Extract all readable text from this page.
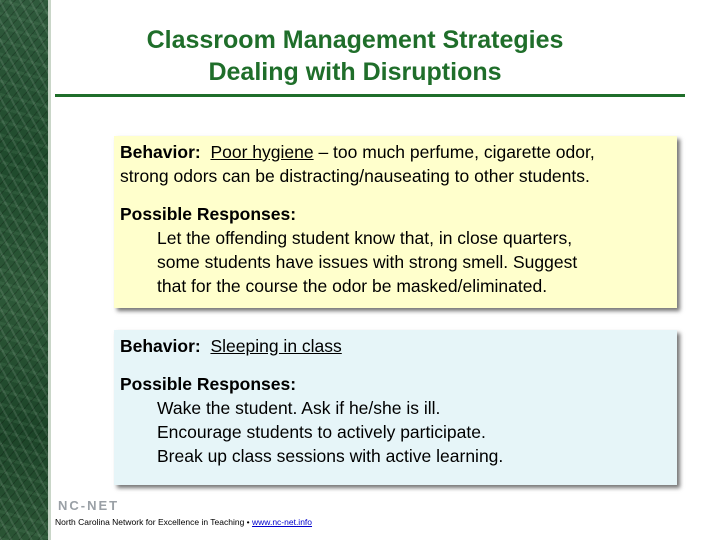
Classroom Management Strategies
Dealing with Disruptions

Behavior: Poor hygiene – too much perfume, cigarette odor,
strong odors can be distracting/nauseating to other students.

Possible Responses:

Let the offending student know that, in close quarters,
some students have issues with strong smell. Suggest
that for the course the odor be masked/eliminated.

Behavior: Sleeping in class

Possible Responses:

Wake the student. Ask if he/she is ill.
Encourage students to actively participate.
Break up class sessions with active learning.
NC-NET
North Carolina Network for Excellence in Teaching • www.nc-net.info
